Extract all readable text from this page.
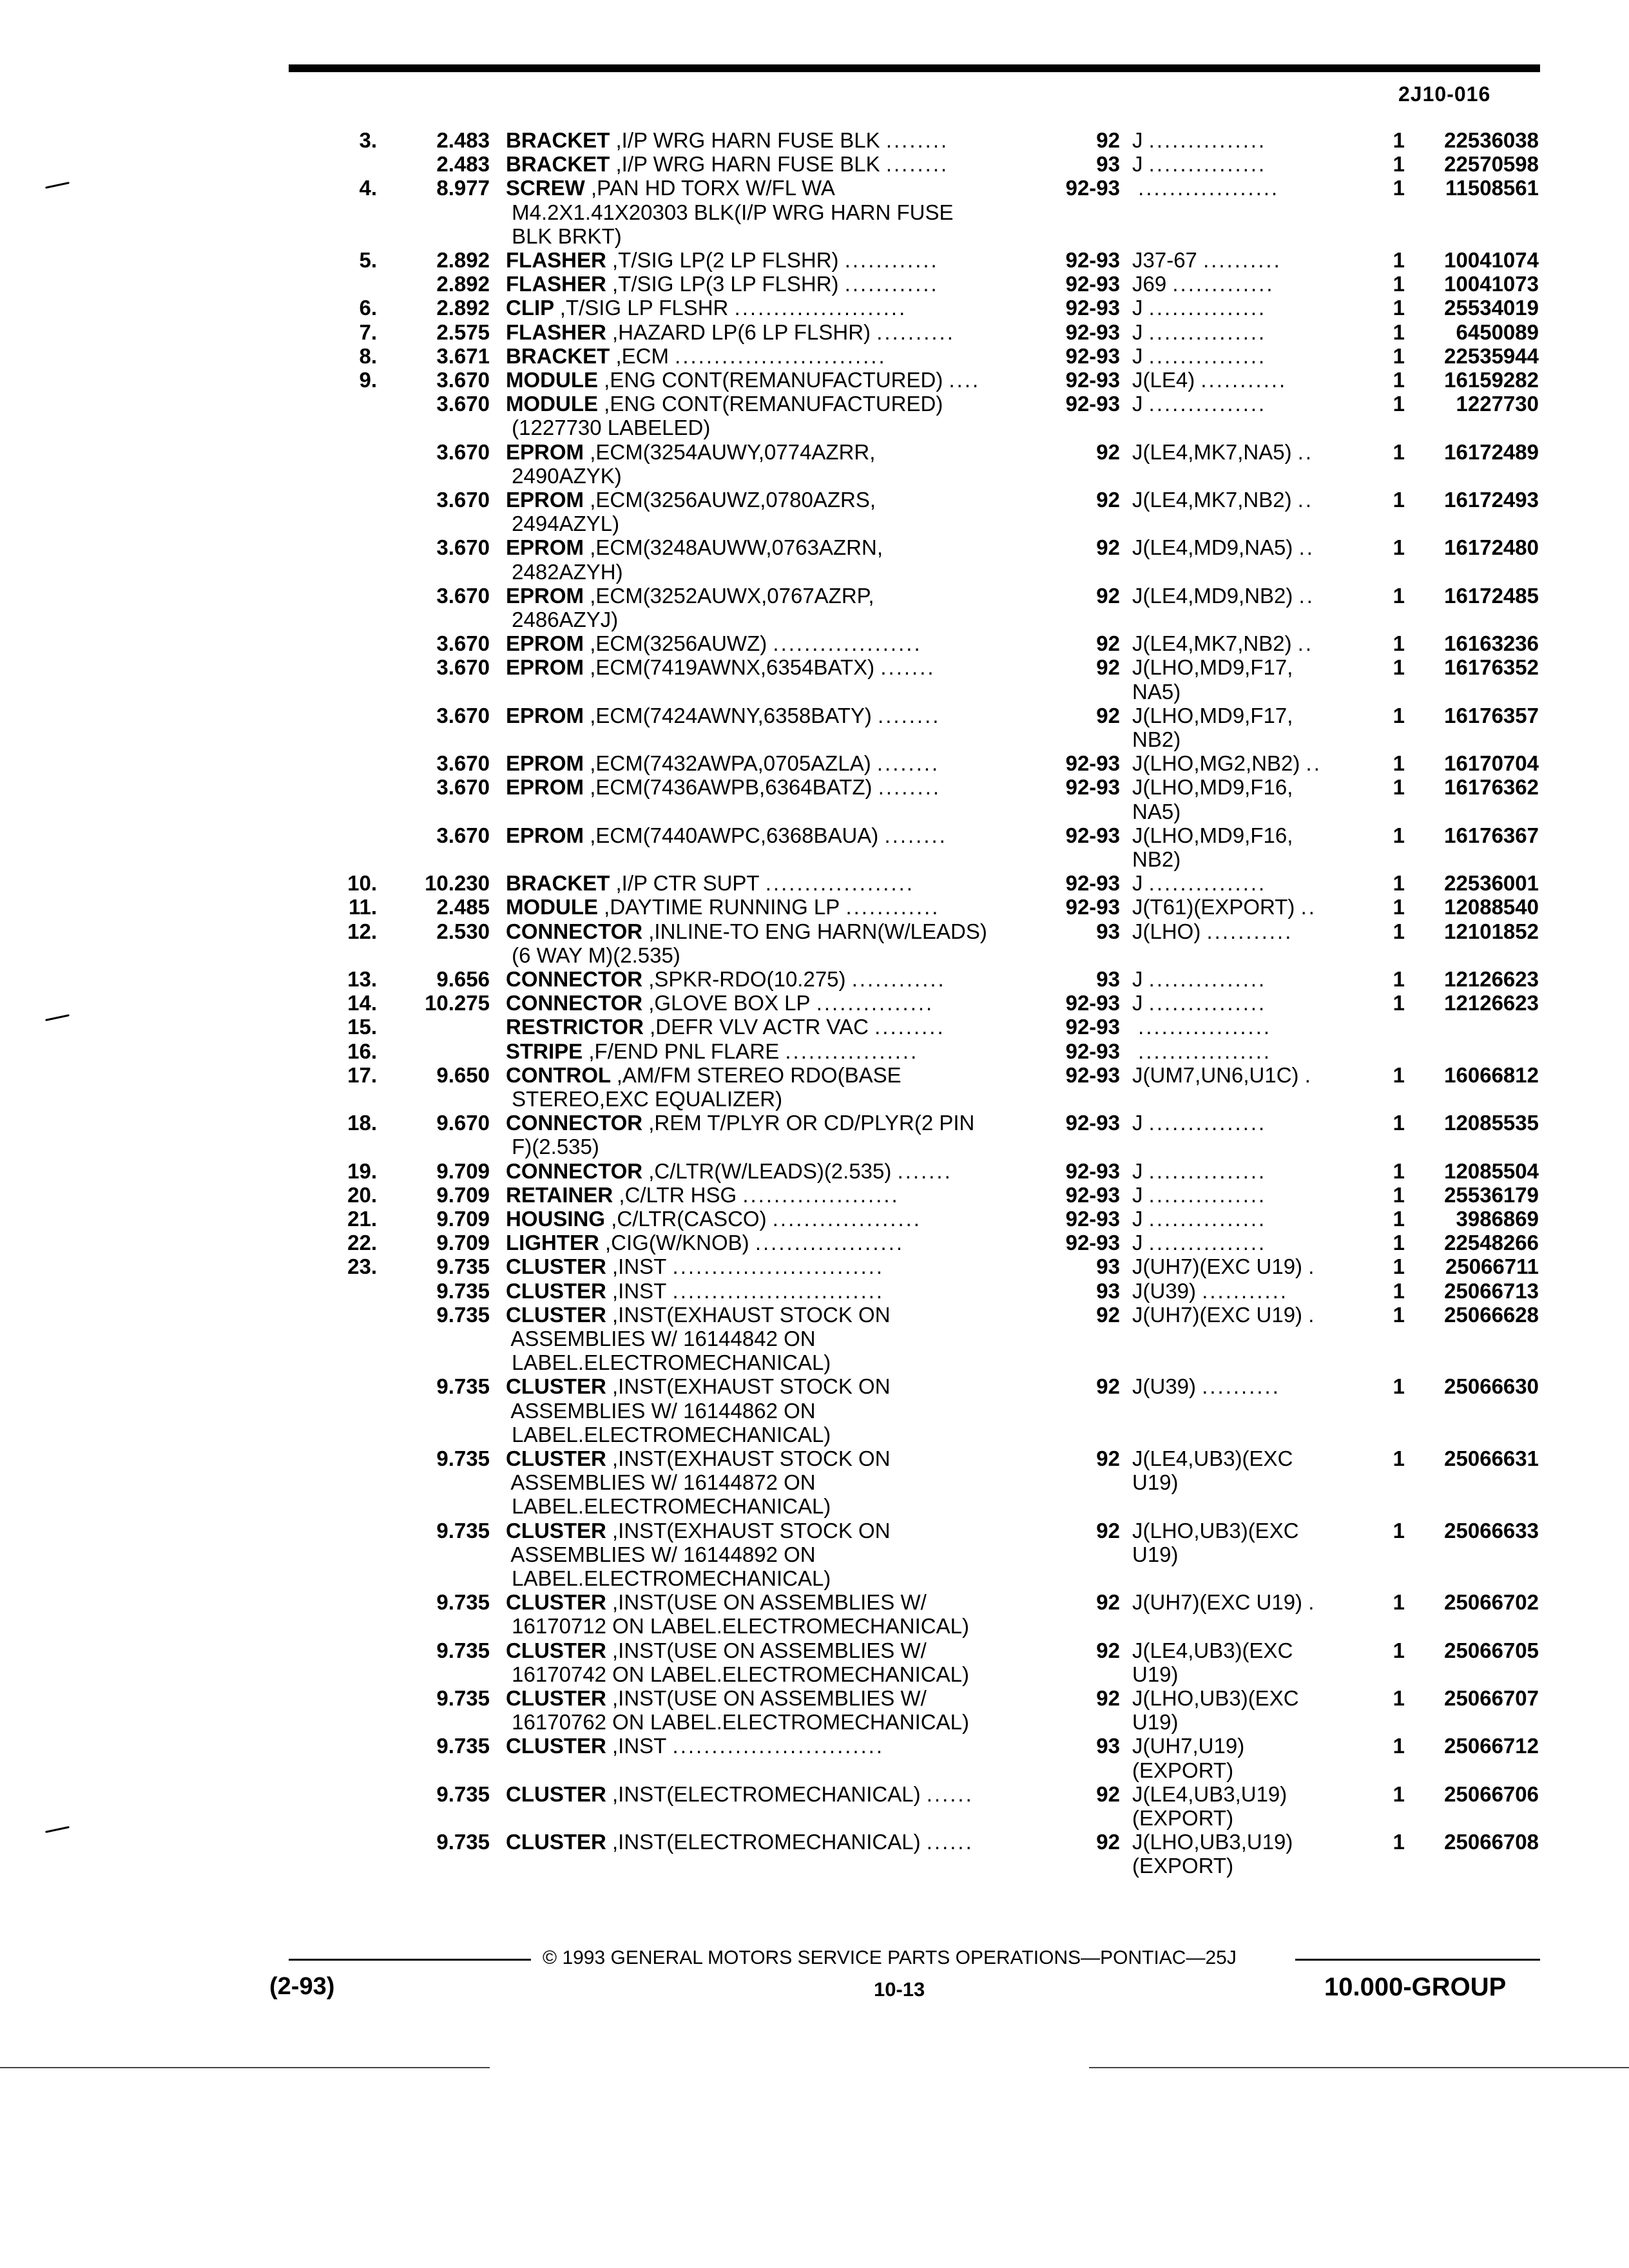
2J10-016
3.	2.483 BRACKET ,I/P WRG HARN FUSE BLK ........	92 J ...............	1	22536038
2.483 BRACKET ,I/P WRG HARN FUSE BLK ........	93 J ...............	1	22570598
4.	8.977 SCREW ,PAN HD TORX W/FL WA	92-93 ..................	1	11508561
M4.2X1.41X20303 BLK(I/P WRG HARN FUSE

BLK BRKT)

5.	2.892 FLASHER ,T/SIG LP(2 LP FLSHR) ............	92-93 J37-67 ..........	1	10041074
2.892 FLASHER ,T/SIG LP(3 LP FLSHR) ............	92-93 J69 .............	1	10041073
6.	2.892 CLIP ,T/SIG LP FLSHR ......................	92-93 J ...............	1	25534019
7.	2.575 FLASHER ,HAZARD LP(6 LP FLSHR) ..........	92-93 J ...............	1	6450089
8.	3.671 BRACKET ,ECM ...........................	92-93 J ...............	1	22535944
9.	3.670 MODULE ,ENG CONT(REMANUFACTURED) ....	92-93 J(LE4) ...........	1	16159282
3.670 MODULE ,ENG CONT(REMANUFACTURED)	92-93 J ...............	1	1227730
(1227730 LABELED)

3.670 EPROM ,ECM(3254AUWY,0774AZRR,	92 J(LE4,MK7,NA5) ..	1	16172489
2490AZYK)

3.670 EPROM ,ECM(3256AUWZ,0780AZRS,	92 J(LE4,MK7,NB2) ..	1	16172493
2494AZYL)

3.670 EPROM ,ECM(3248AUWW,0763AZRN,	92 J(LE4,MD9,NA5) ..	1	16172480
2482AZYH)

3.670 EPROM ,ECM(3252AUWX,0767AZRP,	92 J(LE4,MD9,NB2) ..	1	16172485
2486AZYJ)

3.670 EPROM ,ECM(3256AUWZ) ...................	92 J(LE4,MK7,NB2) ..	1	16163236
3.670 EPROM ,ECM(7419AWNX,6354BATX) .......	92 J(LHO,MD9,F17,	1	16176352

NA5)
3.670 EPROM ,ECM(7424AWNY,6358BATY) ........	92 J(LHO,MD9,F17,	1	16176357

NB2)
3.670 EPROM ,ECM(7432AWPA,0705AZLA) ........	92-93 J(LHO,MG2,NB2) ..	1	16170704
3.670 EPROM ,ECM(7436AWPB,6364BATZ) ........	92-93 J(LHO,MD9,F16,	1	16176362

NA5)
3.670 EPROM ,ECM(7440AWPC,6368BAUA) ........	92-93 J(LHO,MD9,F16,	1	16176367

NB2)
10.	10.230 BRACKET ,I/P CTR SUPT ...................	92-93 J ...............	1	22536001
11.	2.485 MODULE ,DAYTIME RUNNING LP ............	92-93 J(T61)(EXPORT) ..	1	12088540
12.	2.530 CONNECTOR ,INLINE-TO ENG HARN(W/LEADS)	93 J(LHO) ...........	1	12101852
(6 WAY M)(2.535)

13.	9.656 CONNECTOR ,SPKR-RDO(10.275) ............	93 J ...............	1	12126623
14.	10.275 CONNECTOR ,GLOVE BOX LP ...............	92-93 J ...............	1	12126623
15.	RESTRICTOR ,DEFR VLV ACTR VAC .........	92-93 .................
16.	STRIPE ,F/END PNL FLARE .................	92-93 .................
17.	9.650 CONTROL ,AM/FM STEREO RDO(BASE	92-93 J(UM7,UN6,U1C) .	1	16066812
STEREO,EXC EQUALIZER)

18.	9.670 CONNECTOR ,REM T/PLYR OR CD/PLYR(2 PIN	92-93 J ...............	1	12085535
F)(2.535)

19.	9.709 CONNECTOR ,C/LTR(W/LEADS)(2.535) .......	92-93 J ...............	1	12085504
20.	9.709 RETAINER ,C/LTR HSG ....................	92-93 J ...............	1	25536179
21.	9.709 HOUSING ,C/LTR(CASCO) ...................	92-93 J ...............	1	3986869
22.	9.709 LIGHTER ,CIG(W/KNOB) ...................	92-93 J ...............	1	22548266
23.	9.735 CLUSTER ,INST ...........................	93 J(UH7)(EXC U19) .	1	25066711
9.735 CLUSTER ,INST ...........................	93 J(U39) ...........	1	25066713
9.735 CLUSTER ,INST(EXHAUST STOCK ON	92 J(UH7)(EXC U19) .	1	25066628
ASSEMBLIES W/ 16144842 ON

LABEL.ELECTROMECHANICAL)

9.735 CLUSTER ,INST(EXHAUST STOCK ON	92 J(U39) ..........	1	25066630
ASSEMBLIES W/ 16144862 ON

LABEL.ELECTROMECHANICAL)

9.735 CLUSTER ,INST(EXHAUST STOCK ON	92 J(LE4,UB3)(EXC	1	25066631
ASSEMBLIES W/ 16144872 ON	U19)
LABEL.ELECTROMECHANICAL)

9.735 CLUSTER ,INST(EXHAUST STOCK ON	92 J(LHO,UB3)(EXC	1	25066633
ASSEMBLIES W/ 16144892 ON	U19)
LABEL.ELECTROMECHANICAL)

9.735 CLUSTER ,INST(USE ON ASSEMBLIES W/	92 J(UH7)(EXC U19) .	1	25066702
16170712 ON LABEL.ELECTROMECHANICAL)

9.735 CLUSTER ,INST(USE ON ASSEMBLIES W/	92 J(LE4,UB3)(EXC	1	25066705
16170742 ON LABEL.ELECTROMECHANICAL)	U19)
9.735 CLUSTER ,INST(USE ON ASSEMBLIES W/	92 J(LHO,UB3)(EXC	1	25066707
16170762 ON LABEL.ELECTROMECHANICAL)	U19)
9.735 CLUSTER ,INST ...........................	93 J(UH7,U19)	1	25066712

(EXPORT)
9.735 CLUSTER ,INST(ELECTROMECHANICAL) ......	92 J(LE4,UB3,U19)	1	25066706

(EXPORT)
9.735 CLUSTER ,INST(ELECTROMECHANICAL) ......	92 J(LHO,UB3,U19)	1	25066708

(EXPORT)
© 1993 GENERAL MOTORS SERVICE PARTS OPERATIONS—PONTIAC—25J
(2-93)	10-13	10.000-GROUP
